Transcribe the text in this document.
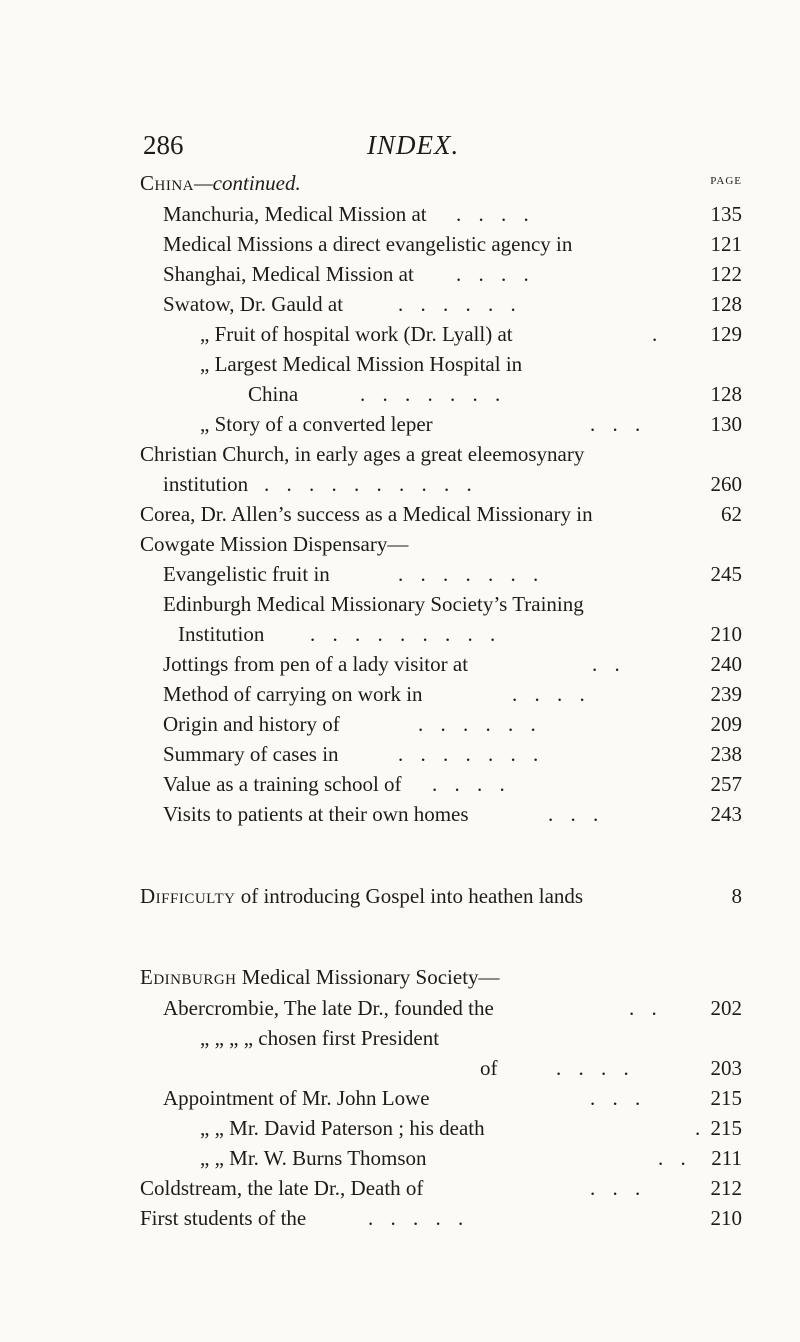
286	INDEX.
China—continued.	PAGE
Manchuria, Medical Mission at . . . .	135
Medical Missions a direct evangelistic agency in	121
Shanghai, Medical Mission at . . . .	122
Swatow, Dr. Gauld at	. . . . . .	128
„ Fruit of hospital work (Dr. Lyall) at	. 129
„ Largest Medical Mission Hospital in
China	. . . . . . .	128
„ Story of a converted leper	. . .	130
Christian Church, in early ages a great eleemosynary
institution . . . . . . . . . .	260
Corea, Dr. Allen’s success as a Medical Missionary in	62
Cowgate Mission Dispensary—
Evangelistic fruit in	. . . . . . .	245
Edinburgh Medical Missionary Society’s Training
Institution . . . . . . . . .	210
Jottings from pen of a lady visitor at	. .	240
Method of carrying on work in	. . . .	239
Origin and history of	. . . . . .	209
Summary of cases in	. . . . . . .	238
Value as a training school of . . . .	257
Visits to patients at their own homes	. . .	243
Difficulty of introducing Gospel into heathen lands	8
Edinburgh Medical Missionary Society—
Abercrombie, The late Dr., founded the	. . 202
„ „ „ „ chosen first President
of	. . . .	203
Appointment of Mr. John Lowe	. . .	215
„ „ Mr. David Paterson ; his death	. 215
„ „ Mr. W. Burns Thomson	. . 211
Coldstream, the late Dr., Death of	. . .	212
First students of the	. . . . .	210
